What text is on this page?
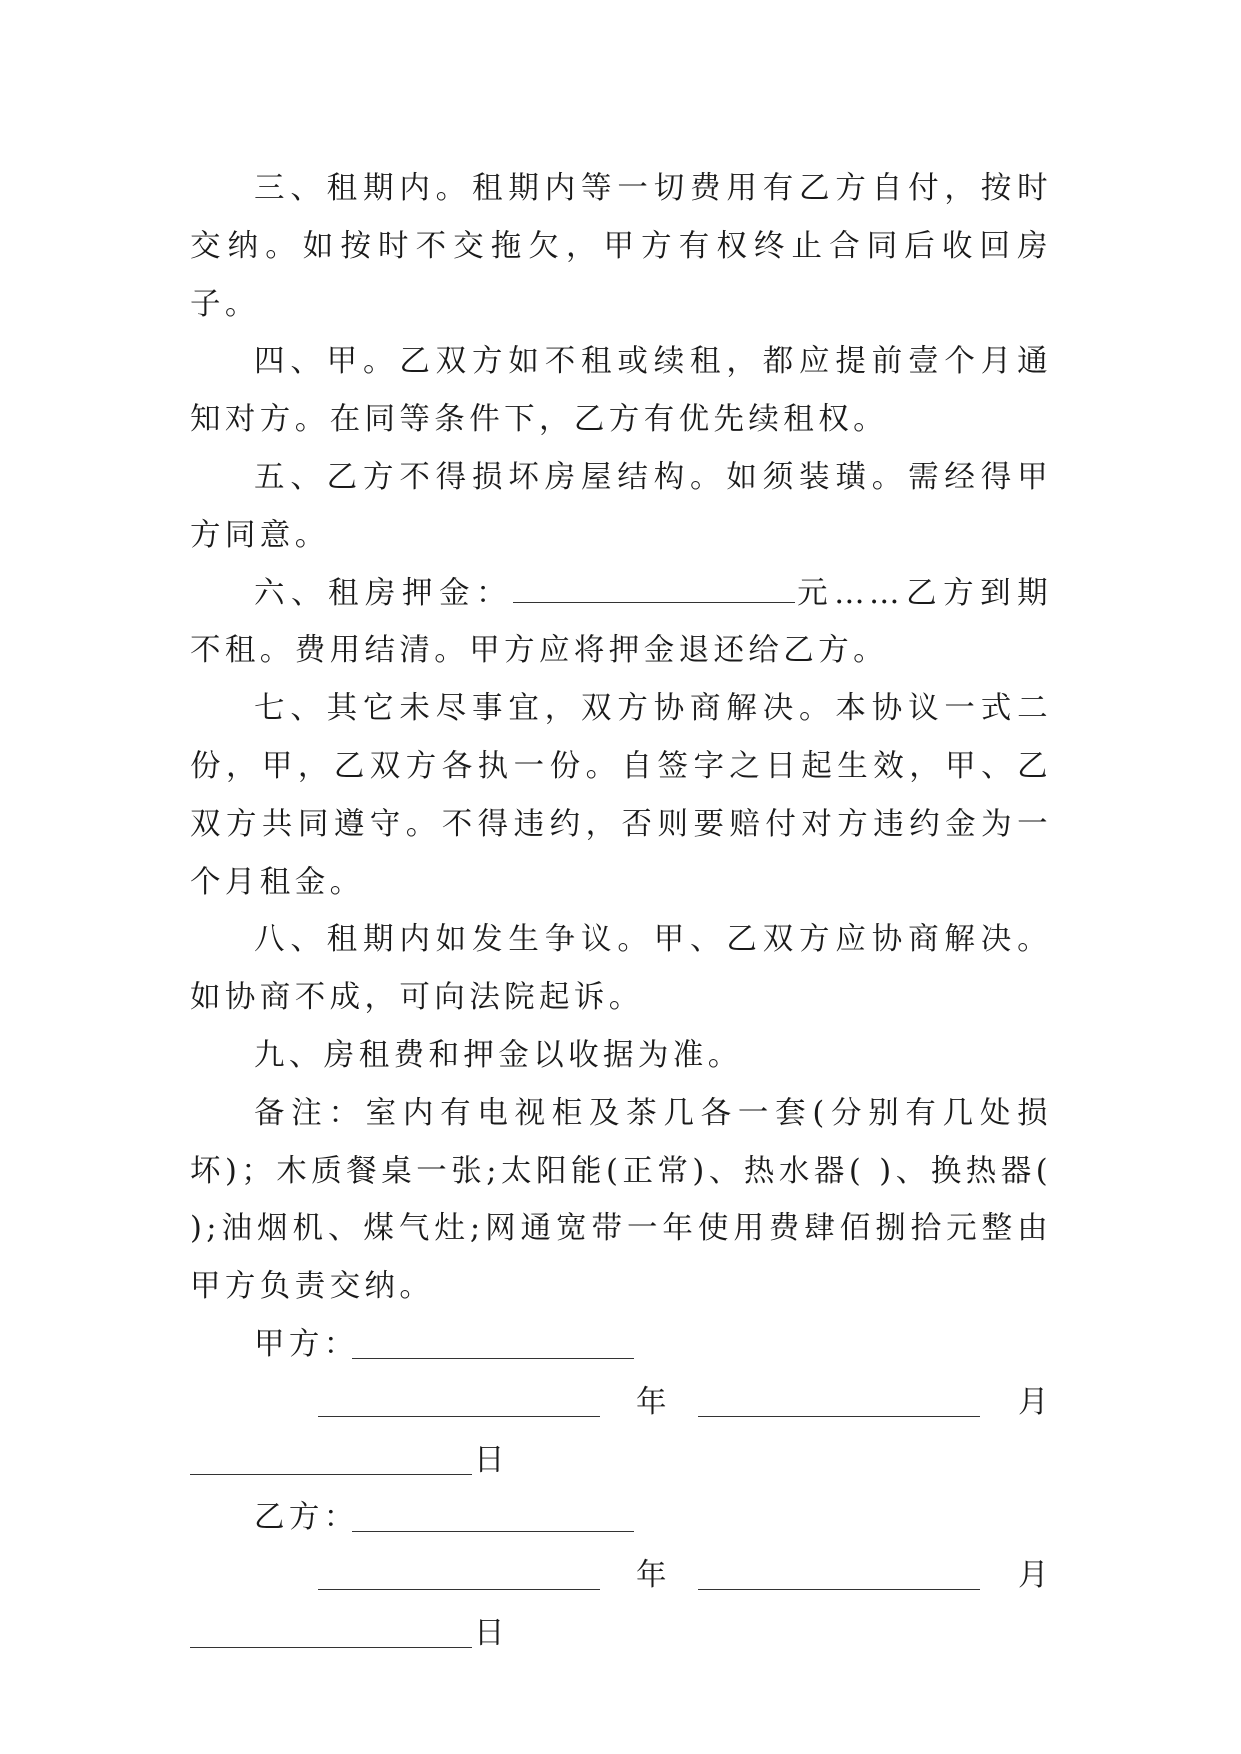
三、租期内。租期内等一切费用有乙方自付，按时交纳。如按时不交拖欠，甲方有权终止合同后收回房子。

四、甲。乙双方如不租或续租，都应提前壹个月通知对方。在同等条件下，乙方有优先续租权。

五、乙方不得损坏房屋结构。如须装璜。需经得甲方同意。

六、租房押金：	元……乙方到期不租。费用结清。甲方应将押金退还给乙方。

七、其它未尽事宜，双方协商解决。本协议一式二份，甲，乙双方各执一份。自签字之日起生效，甲、乙双方共同遵守。不得违约，否则要赔付对方违约金为一个月租金。

八、租期内如发生争议。甲、乙双方应协商解决。如协商不成，可向法院起诉。

九、房租费和押金以收据为准。

备注：室内有电视柜及茶几各一套(分别有几处损坏)；木质餐桌一张;太阳能(正常)、热水器( )、换热器( );油烟机、煤气灶;网通宽带一年使用费肆佰捌拾元整由甲方负责交纳。

甲方：
年	月
日
乙方：
年	月
日
